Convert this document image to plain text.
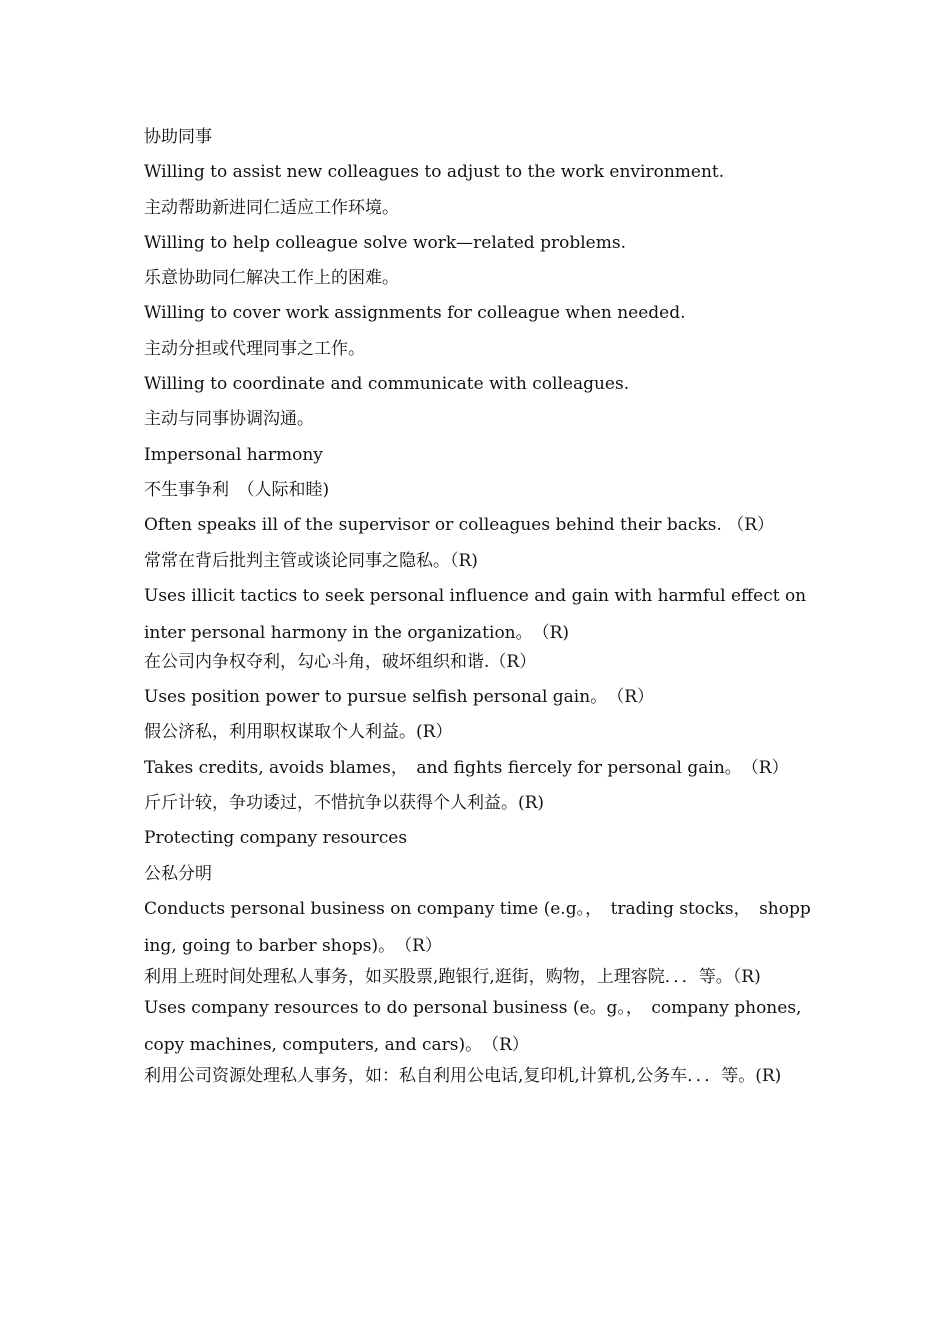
协助同事
Willing to assist new colleagues to adjust to the work environment.
主动帮助新进同仁适应工作环境。
Willing to help colleague solve work—related problems.
乐意协助同仁解决工作上的困难。
Willing to cover work assignments for colleague when needed.
主动分担或代理同事之工作。
Willing to coordinate and communicate with colleagues.
主动与同事协调沟通。
Impersonal harmony
不生事争利　（人际和睦)
Often speaks ill of the supervisor or colleagues behind their backs. （R）
常常在背后批判主管或谈论同事之隐私。（R)
Uses illicit tactics to seek personal influence and gain with harmful effect on inter personal harmony in the organization。　（R)
在公司内争权夺利，勾心斗角，破坏组织和谐.（R）
Uses position power to pursue selfish personal gain。　（R）
假公济私，利用职权谋取个人利益。(R）
Takes credits, avoids blames，　and fights fiercely for personal gain。　（R）
斤斤计较，争功诿过，不惜抗争以获得个人利益。(R)
Protecting company resources
公私分明
Conducts personal business on company time (e.g。，　trading stocks，　shopping, going to barber shops)。　（R）
利用上班时间处理私人事务，如买股票,跑银行,逛街，购物，上理容院．．．等。（R)
Uses company resources to do personal business (e。g。，　company phones, copy machines, computers, and cars)。　（R）
利用公司资源处理私人事务，如：私自利用公电话,复印机,计算机,公务车．．．等。(R)
